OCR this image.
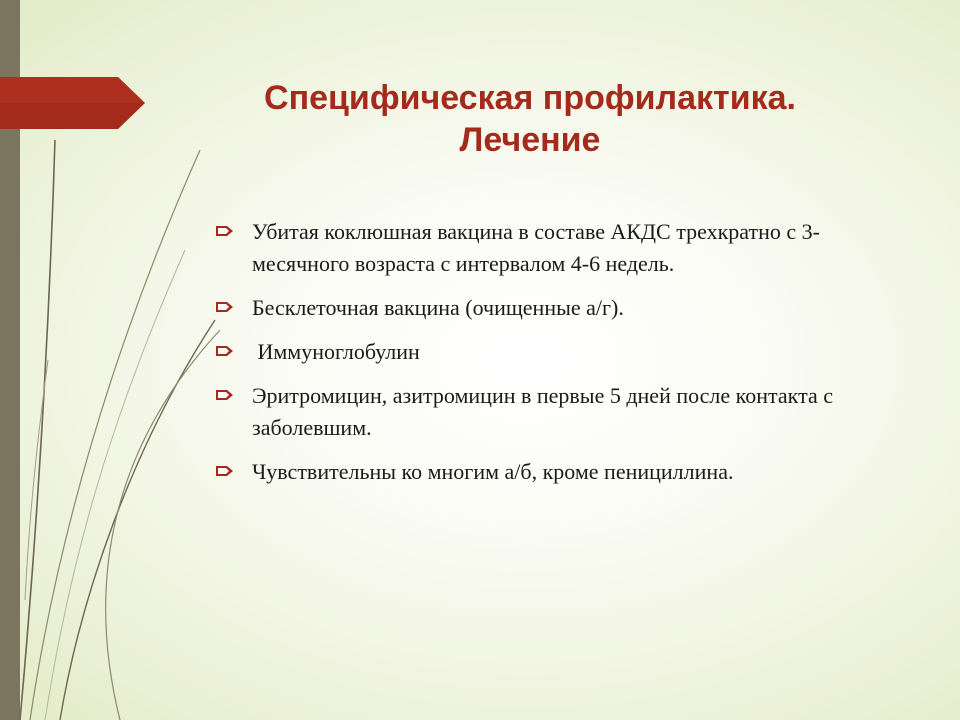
Специфическая профилактика.
Лечение
Убитая коклюшная вакцина в составе АКДС трехкратно с 3-месячного возраста с интервалом 4-6 недель.
Бесклеточная вакцина (очищенные а/г).
Иммуноглобулин
Эритромицин, азитромицин в первые 5 дней после контакта с заболевшим.
Чувствительны ко многим а/б, кроме пенициллина.
